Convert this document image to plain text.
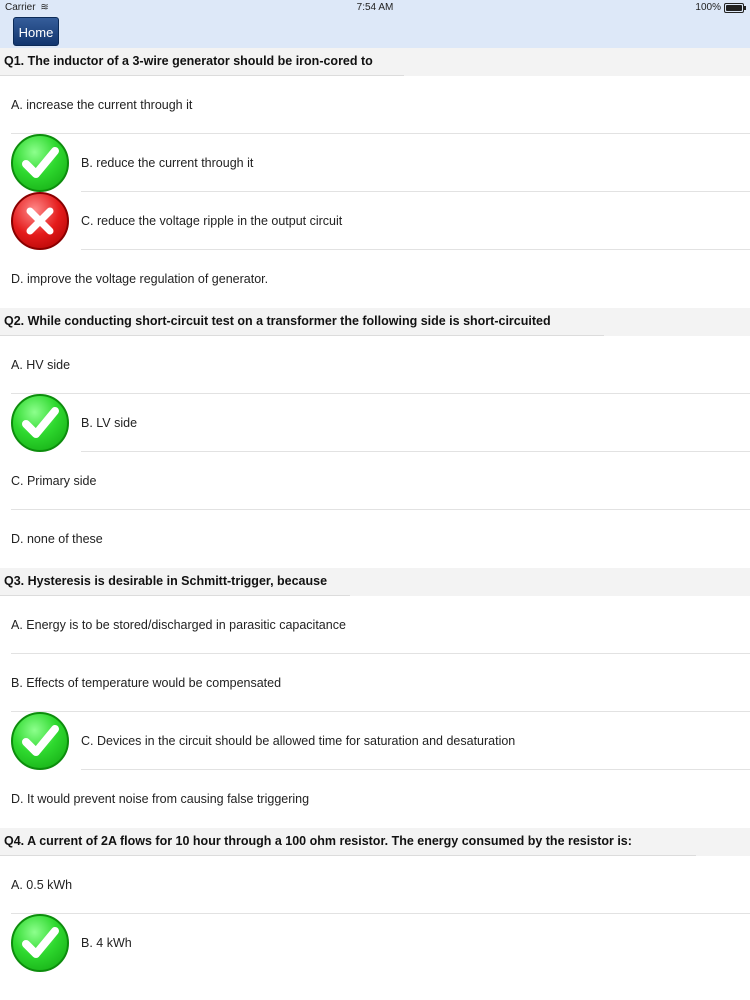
Carrier ≋	7:54 AM	100%
Home
Q1. The inductor of a 3-wire generator should be iron-cored to
A. increase the current through it
B. reduce the current through it
C. reduce the voltage ripple in the output circuit
D. improve the voltage regulation of generator.
Q2. While conducting short-circuit test on a transformer the following side is short-circuited
A. HV side
B. LV side
C. Primary side
D. none of these
Q3. Hysteresis is desirable in Schmitt-trigger, because
A. Energy is to be stored/discharged in parasitic capacitance
B. Effects of temperature would be compensated
C. Devices in the circuit should be allowed time for saturation and desaturation
D. It would prevent noise from causing false triggering
Q4. A current of 2A flows for 10 hour through a 100 ohm resistor. The energy consumed by the resistor is:
A. 0.5 kWh
B. 4 kWh
